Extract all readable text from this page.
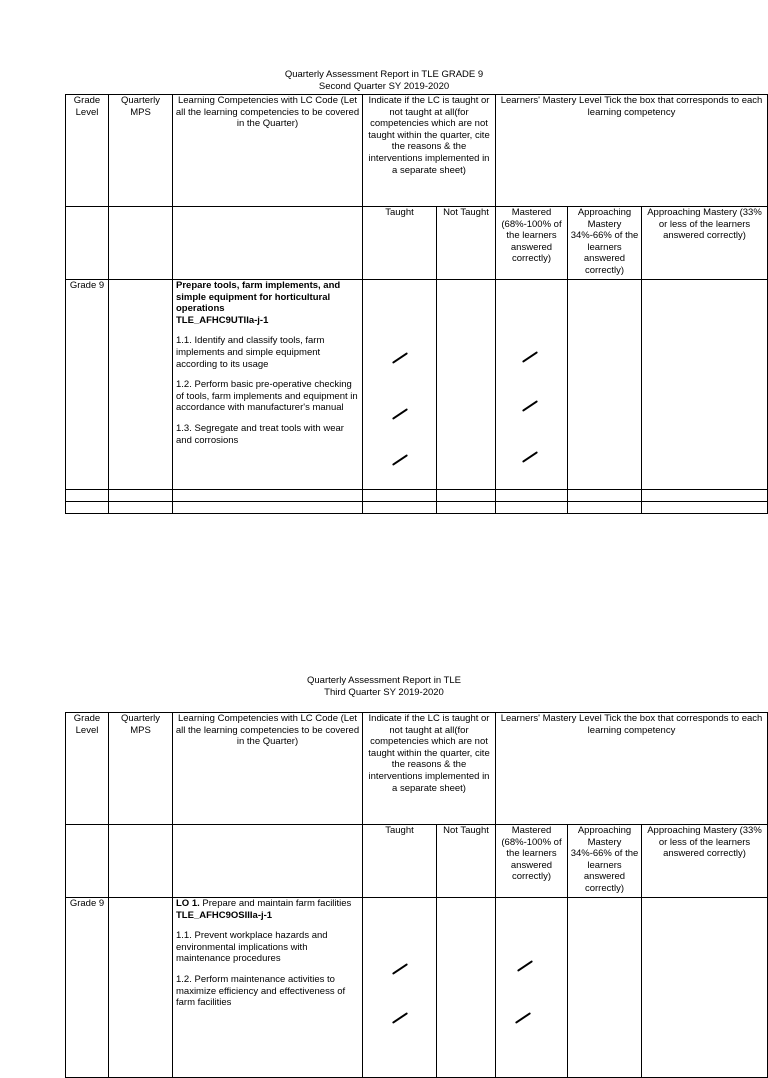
Quarterly Assessment Report in TLE GRADE 9
Second Quarter SY 2019-2020
Grade Level	Quarterly MPS	Learning Competencies with LC Code (Let all the learning competencies to be covered in the Quarter)	Indicate if the LC is taught or not taught at all(for competencies which are not taught within the quarter, cite the reasons & the interventions implemented in a separate sheet)		Learners' Mastery Level Tick the box that corresponds to each learning competency		
			Taught	Not Taught	Mastered (68%-100% of the learners answered correctly)	Approaching Mastery 34%-66% of the learners answered correctly)	Approaching Mastery (33% or less of the learners answered correctly)
Grade 9		Prepare tools, farm implements, and simple equipment for horticultural operations
TLE_AFHC9UTIIa-j-1
1.1. Identify and classify tools, farm implements and simple equipment according to its usage
1.2. Perform basic pre-operative checking of tools, farm implements and equipment in accordance with manufacturer's manual
1.3. Segregate and treat tools with wear and corrosions					

Quarterly Assessment Report in TLE
Third Quarter SY 2019-2020
Grade Level	Quarterly MPS	Learning Competencies with LC Code (Let all the learning competencies to be covered in the Quarter)	Indicate if the LC is taught or not taught at all(for competencies which are not taught within the quarter, cite the reasons & the interventions implemented in a separate sheet)		Learners' Mastery Level Tick the box that corresponds to each learning competency		
			Taught	Not Taught	Mastered (68%-100% of the learners answered correctly)	Approaching Mastery 34%-66% of the learners answered correctly)	Approaching Mastery (33% or less of the learners answered correctly)
Grade 9		LO 1. Prepare and maintain farm facilities
TLE_AFHC9OSIIIa-j-1
1.1. Prevent workplace hazards and environmental implications with maintenance procedures
1.2. Perform maintenance activities to maximize efficiency and effectiveness of farm facilities					
